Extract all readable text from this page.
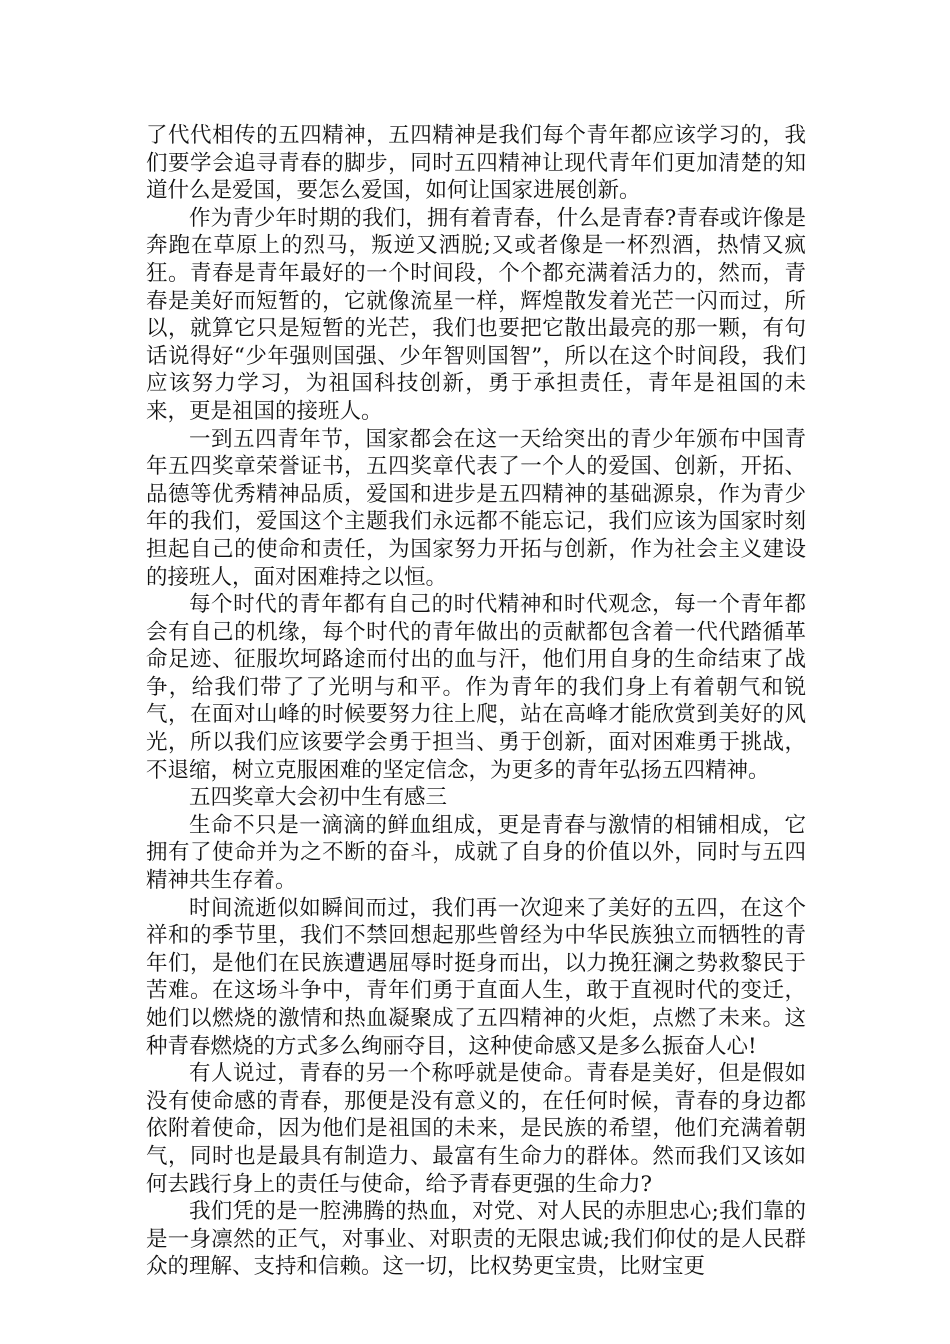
了代代相传的五四精神，五四精神是我们每个青年都应该学习的，我们要学会追寻青春的脚步，同时五四精神让现代青年们更加清楚的知道什么是爱国，要怎么爱国，如何让国家进展创新。

作为青少年时期的我们，拥有着青春，什么是青春?青春或许像是奔跑在草原上的烈马，叛逆又洒脱;又或者像是一杯烈酒，热情又疯狂。青春是青年最好的一个时间段，个个都充满着活力的，然而，青春是美好而短暂的，它就像流星一样，辉煌散发着光芒一闪而过，所以，就算它只是短暂的光芒，我们也要把它散出最亮的那一颗，有句话说得好“少年强则国强、少年智则国智”，所以在这个时间段，我们应该努力学习，为祖国科技创新，勇于承担责任，青年是祖国的未来，更是祖国的接班人。

一到五四青年节，国家都会在这一天给突出的青少年颁布中国青年五四奖章荣誉证书，五四奖章代表了一个人的爱国、创新，开拓、品德等优秀精神品质，爱国和进步是五四精神的基础源泉，作为青少年的我们，爱国这个主题我们永远都不能忘记，我们应该为国家时刻担起自己的使命和责任，为国家努力开拓与创新，作为社会主义建设的接班人，面对困难持之以恒。

每个时代的青年都有自己的时代精神和时代观念，每一个青年都会有自己的机缘，每个时代的青年做出的贡献都包含着一代代踏循革命足迹、征服坎坷路途而付出的血与汗，他们用自身的生命结束了战争，给我们带了了光明与和平。作为青年的我们身上有着朝气和锐气，在面对山峰的时候要努力往上爬，站在高峰才能欣赏到美好的风光，所以我们应该要学会勇于担当、勇于创新，面对困难勇于挑战，不退缩，树立克服困难的坚定信念，为更多的青年弘扬五四精神。

五四奖章大会初中生有感三

生命不只是一滴滴的鲜血组成，更是青春与激情的相铺相成，它拥有了使命并为之不断的奋斗，成就了自身的价值以外，同时与五四精神共生存着。

时间流逝似如瞬间而过，我们再一次迎来了美好的五四，在这个祥和的季节里，我们不禁回想起那些曾经为中华民族独立而牺牲的青年们，是他们在民族遭遇屈辱时挺身而出，以力挽狂澜之势救黎民于苦难。在这场斗争中，青年们勇于直面人生，敢于直视时代的变迁，她们以燃烧的激情和热血凝聚成了五四精神的火炬，点燃了未来。这种青春燃烧的方式多么绚丽夺目，这种使命感又是多么振奋人心!

有人说过，青春的另一个称呼就是使命。青春是美好，但是假如没有使命感的青春，那便是没有意义的，在任何时候，青春的身边都依附着使命，因为他们是祖国的未来，是民族的希望，他们充满着朝气，同时也是最具有制造力、最富有生命力的群体。然而我们又该如何去践行身上的责任与使命，给予青春更强的生命力?

我们凭的是一腔沸腾的热血，对党、对人民的赤胆忠心;我们靠的是一身凛然的正气，对事业、对职责的无限忠诚;我们仰仗的是人民群众的理解、支持和信赖。这一切，比权势更宝贵，比财宝更
